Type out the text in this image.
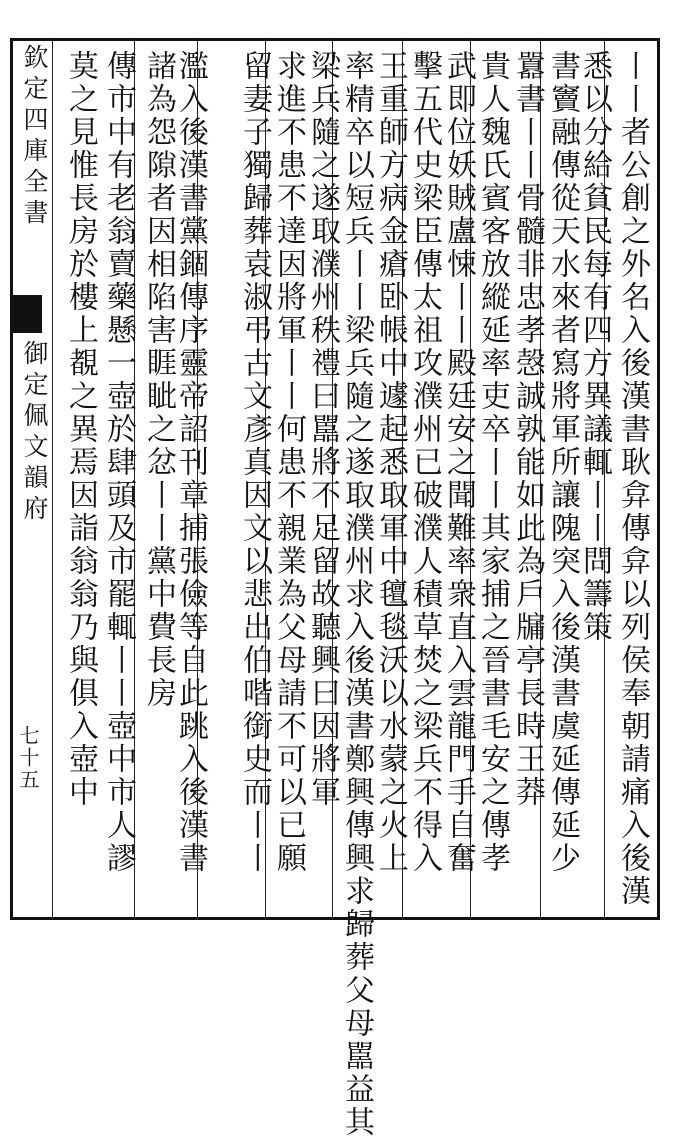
欽定四庫全書
御定佩文韻府
七十五	丨丨者公創之外名入後漢書耿弇傳弇以列侯奉朝請痛入後漢
悉以分給貧民每有四方異議輒丨丨問籌策
書竇融傳從天水來者寫將軍所讓隗突入後漢書虞延傳延少
囂書丨丨骨髓非忠孝愨誠孰能如此為戶牖亭長時王莽
貴人魏氏賓客放縱延率吏卒丨丨其家捕之晉書毛安之傳孝
武即位妖賊盧悚丨丨殿廷安之聞難率衆直入雲龍門手自奮
擊五代史梁臣傳太祖攻濮州已破濮人積草焚之梁兵不得入
王重師方病金瘡卧帳中遽起悉取軍中氊毯沃以水蒙之火上
率精卒以短兵丨丨梁兵隨之遂取濮州求入後漢書鄭興傳興求歸葬父母嚚益其
梁兵隨之遂取濮州秩禮曰嚚將不足留故聽興曰因將軍
求進不患不達因將軍丨丨何患不親業為父母請不可以已願
留妻子獨歸葬袁淑弔古文彥真因文以悲出伯喈銜史而丨丨
濫入後漢書黨錮傳序靈帝詔刊章捕張儉等自此跳入後漢書
諸為怨隙者因相陷害睚眦之忿丨丨黨中費長房
傳市中有老翁賣藥懸一壺於肆頭及市罷輒丨丨壺中市人謬
莫之見惟長房於樓上覩之異焉因詣翁翁乃與俱入壺中
